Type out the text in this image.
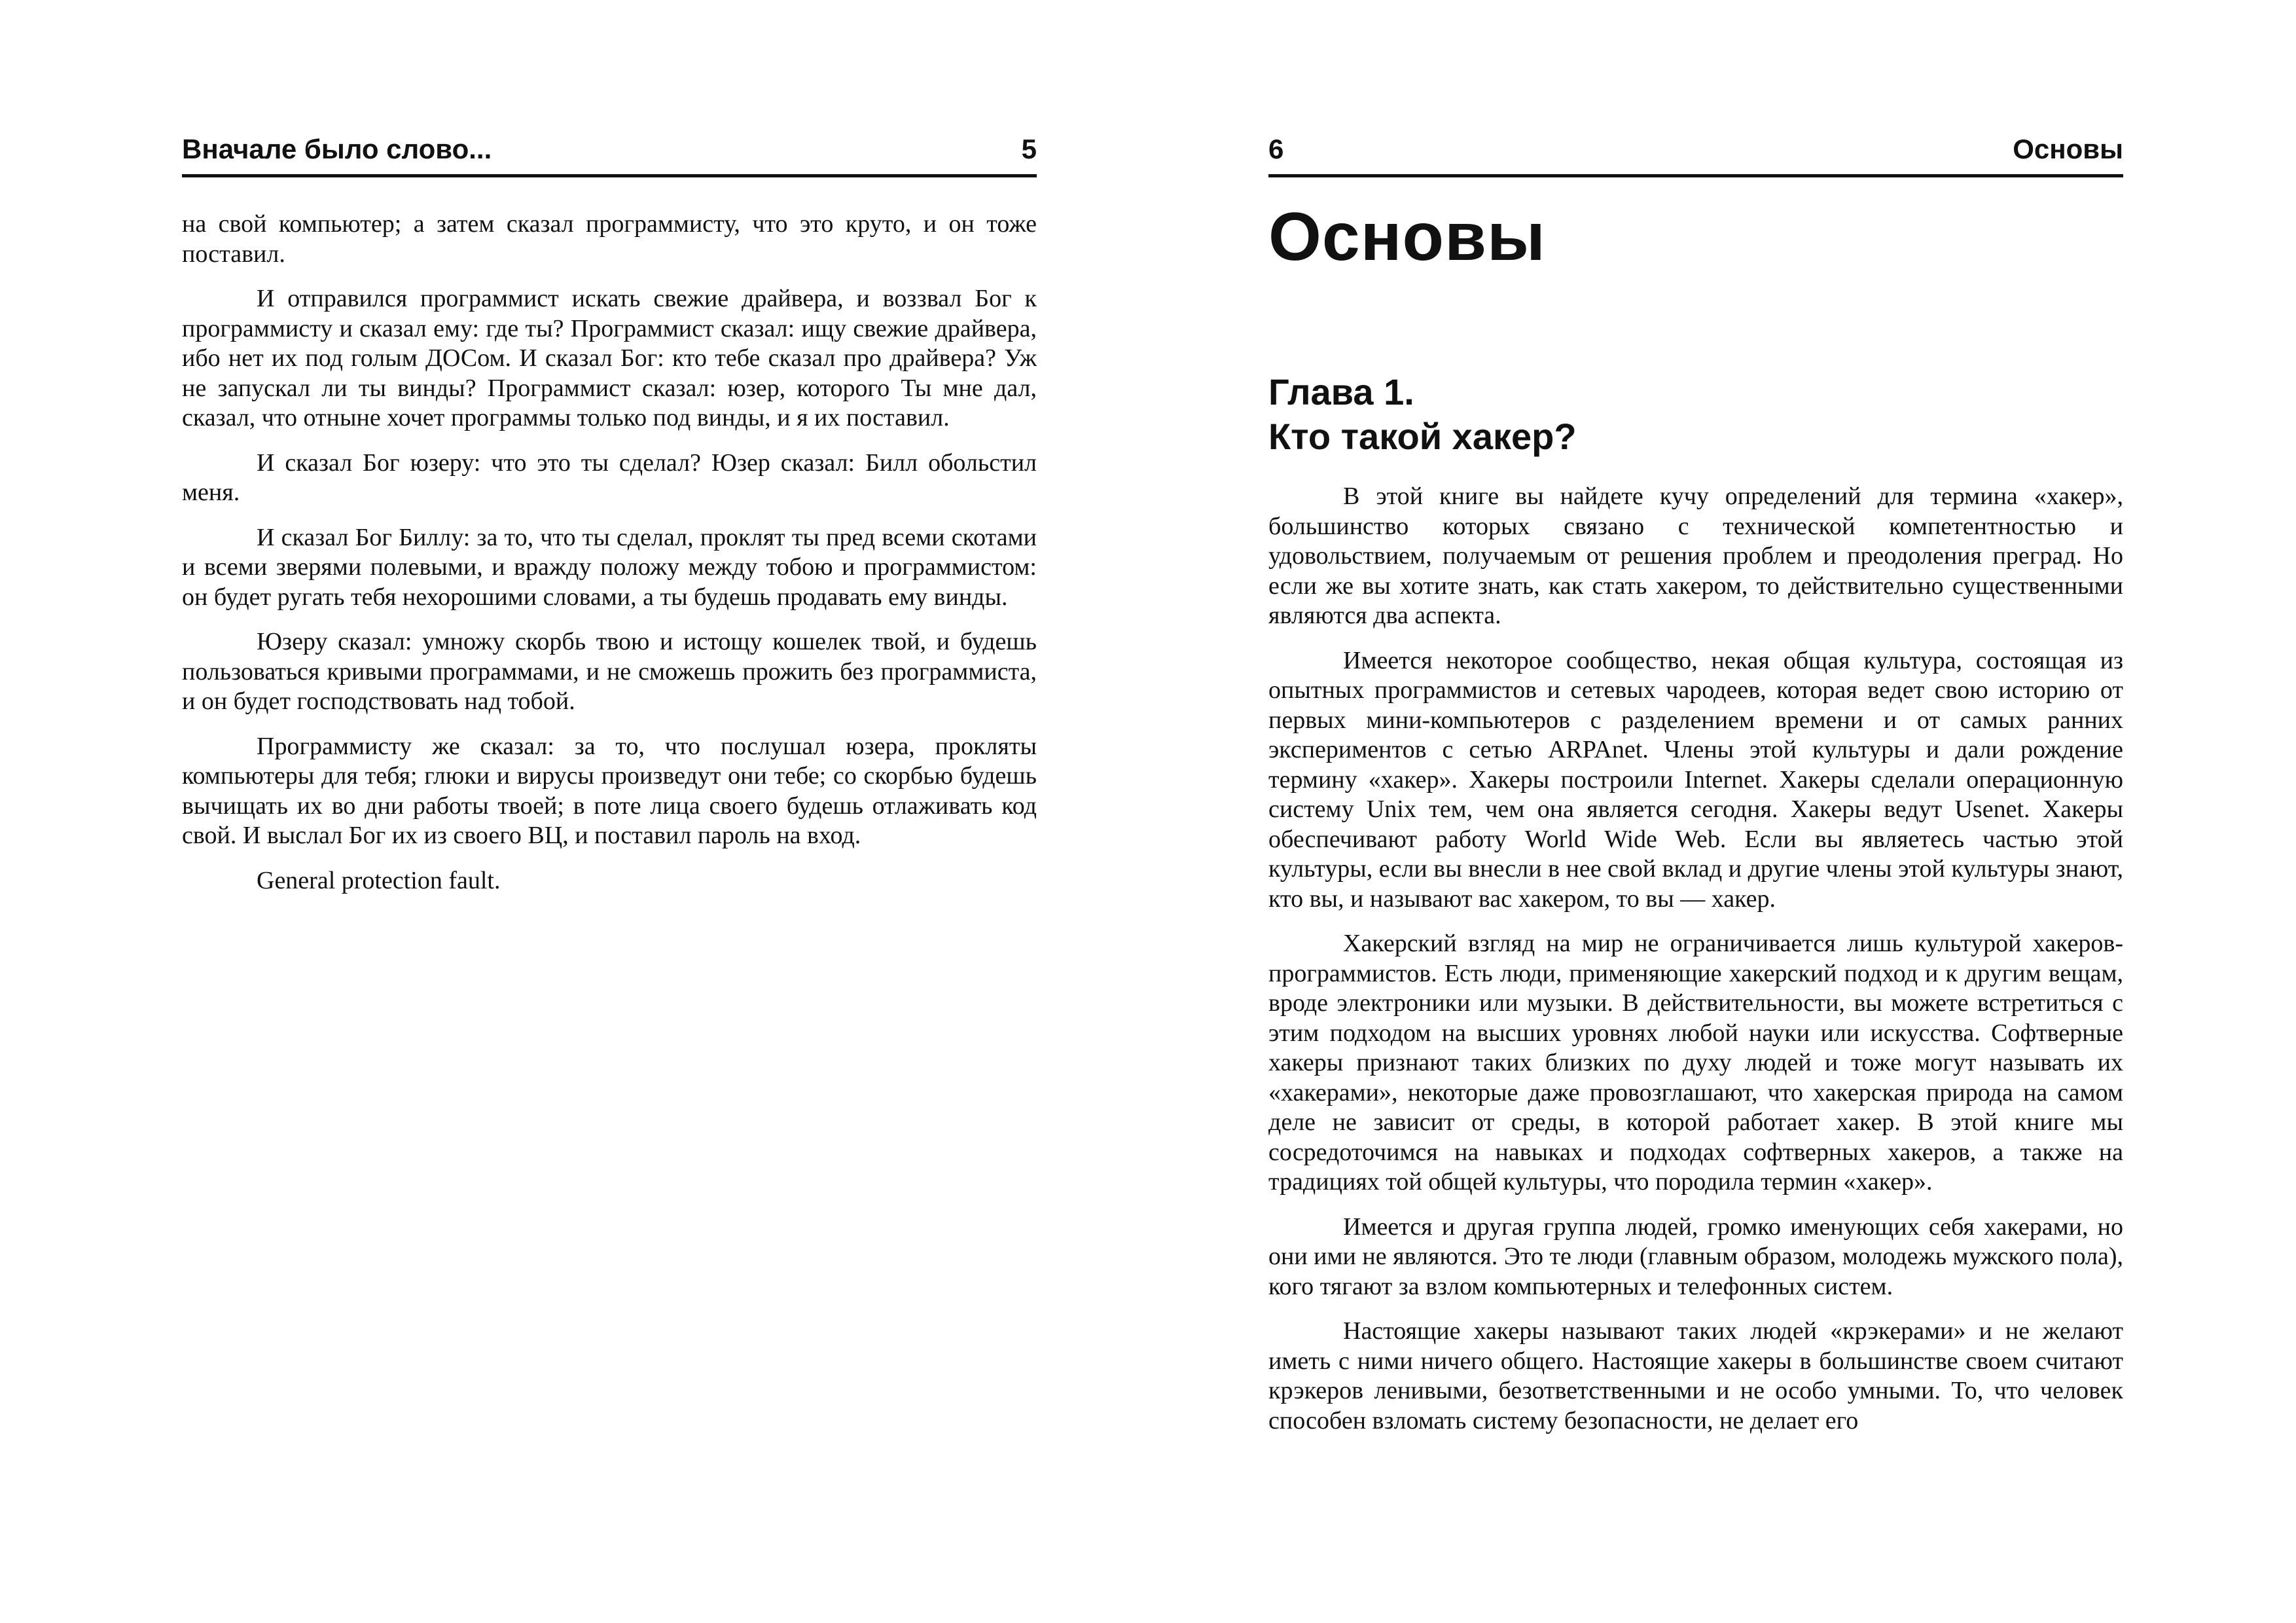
Вначале было слово...	5

на свой компьютер; а затем сказал программисту, что это круто, и он тоже поставил.

И отправился программист искать свежие драйвера, и воззвал Бог к программисту и сказал ему: где ты? Программист сказал: ищу свежие драйвера, ибо нет их под голым ДОСом. И сказал Бог: кто тебе сказал про драйвера? Уж не запускал ли ты винды? Программист сказал: юзер, которого Ты мне дал, сказал, что отныне хочет программы только под винды, и я их поставил.

И сказал Бог юзеру: что это ты сделал? Юзер сказал: Билл обольстил меня.

И сказал Бог Биллу: за то, что ты сделал, проклят ты пред всеми скотами и всеми зверями полевыми, и вражду положу между тобою и программистом: он будет ругать тебя нехорошими словами, а ты будешь продавать ему винды.

Юзеру сказал: умножу скорбь твою и истощу кошелек твой, и будешь пользоваться кривыми программами, и не сможешь прожить без программиста, и он будет господствовать над тобой.

Программисту же сказал: за то, что послушал юзера, прокляты компьютеры для тебя; глюки и вирусы произведут они тебе; со скорбью будешь вычищать их во дни работы твоей; в поте лица своего будешь отлаживать код свой. И выслал Бог их из своего ВЦ, и поставил пароль на вход.

General protection fault.

6	Основы
Основы
Глава 1.
Кто такой хакер?

В этой книге вы найдете кучу определений для термина «хакер», большинство которых связано с технической компетентностью и удовольствием, получаемым от решения проблем и преодоления преград. Но если же вы хотите знать, как стать хакером, то действительно существенными являются два аспекта.

Имеется некоторое сообщество, некая общая культура, состоящая из опытных программистов и сетевых чародеев, которая ведет свою историю от первых мини-компьютеров с разделением времени и от самых ранних экспериментов с сетью ARPAnet. Члены этой культуры и дали рождение термину «хакер». Хакеры построили Internet. Хакеры сделали операционную систему Unix тем, чем она является сегодня. Хакеры ведут Usenet. Хакеры обеспечивают работу World Wide Web. Если вы являетесь частью этой культуры, если вы внесли в нее свой вклад и другие члены этой культуры знают, кто вы, и называют вас хакером, то вы — хакер.

Хакерский взгляд на мир не ограничивается лишь культурой хакеров-программистов. Есть люди, применяющие хакерский подход и к другим вещам, вроде электроники или музыки. В действительности, вы можете встретиться с этим подходом на высших уровнях любой науки или искусства. Софтверные хакеры признают таких близких по духу людей и тоже могут называть их «хакерами», некоторые даже провозглашают, что хакерская природа на самом деле не зависит от среды, в которой работает хакер. В этой книге мы сосредоточимся на навыках и подходах софтверных хакеров, а также на традициях той общей культуры, что породила термин «хакер».

Имеется и другая группа людей, громко именующих себя хакерами, но они ими не являются. Это те люди (главным образом, молодежь мужского пола), кого тягают за взлом компьютерных и телефонных систем.

Настоящие хакеры называют таких людей «крэкерами» и не желают иметь с ними ничего общего. Настоящие хакеры в большинстве своем считают крэкеров ленивыми, безответственными и не особо умными. То, что человек способен взломать систему безопасности, не делает его
